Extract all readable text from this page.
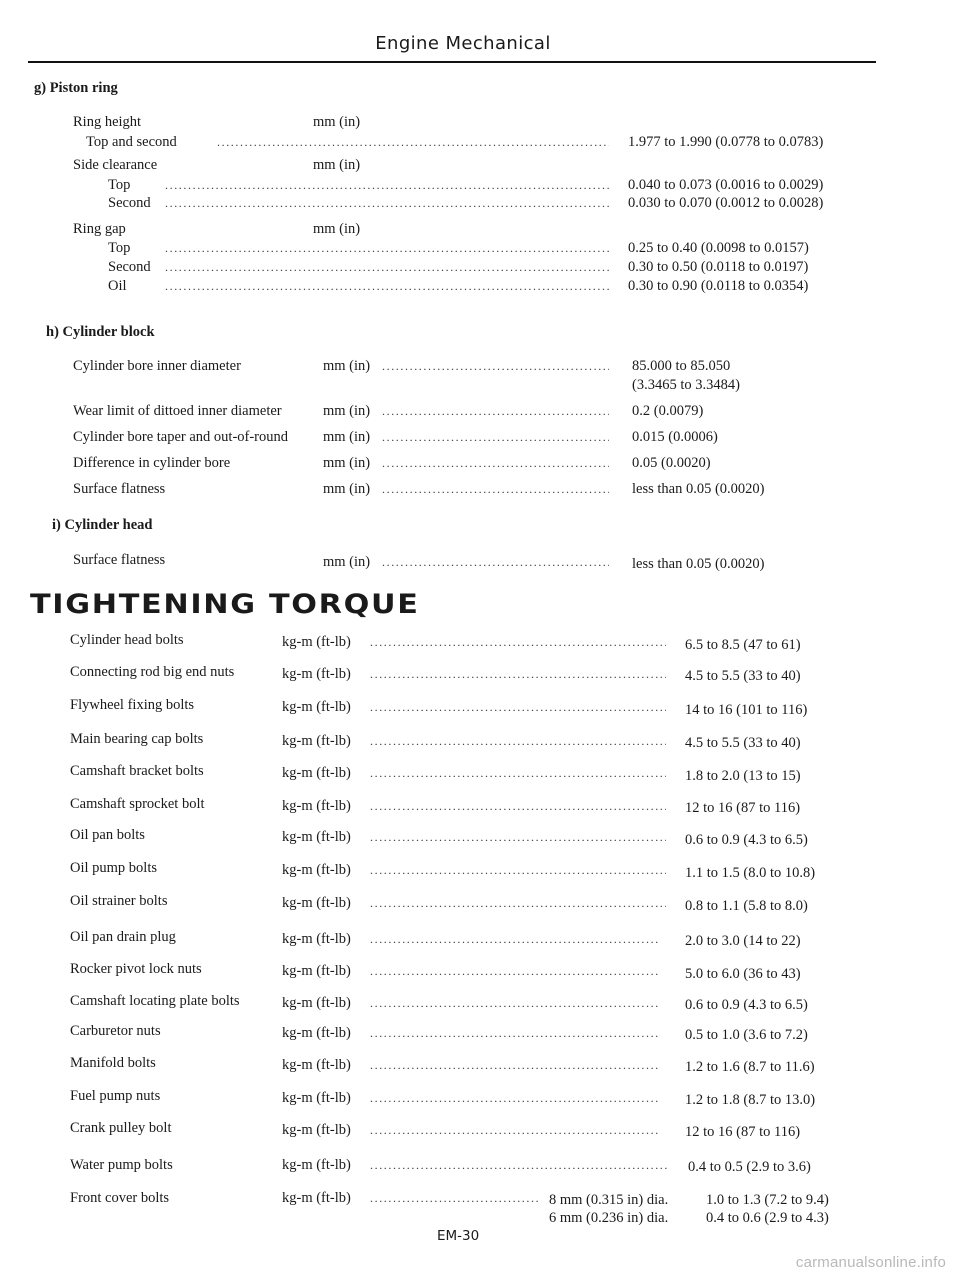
Engine Mechanical
g) Piston ring
Ring height	mm (in)
Top and second .....	1.977 to 1.990 (0.0778 to 0.0783)
Side clearance	mm (in)
Top .....	0.040 to 0.073 (0.0016 to 0.0029)
Second .....	0.030 to 0.070 (0.0012 to 0.0028)
Ring gap	mm (in)
Top .....	0.25 to 0.40 (0.0098 to 0.0157)
Second .....	0.30 to 0.50 (0.0118 to 0.0197)
Oil .....	0.30 to 0.90 (0.0118 to 0.0354)
h) Cylinder block
Cylinder bore inner diameter	mm (in) .....	85.000 to 85.050
(3.3465 to 3.3484)
Wear limit of dittoed inner diameter	mm (in) .....	0.2 (0.0079)
Cylinder bore taper and out-of-round mm (in) .....	0.015 (0.0006)
Difference in cylinder bore	mm (in) .....	0.05 (0.0020)
Surface flatness	mm (in) .....	less than 0.05 (0.0020)
i) Cylinder head
Surface flatness	mm (in) .....	less than 0.05 (0.0020)
TIGHTENING TORQUE
Cylinder head bolts	kg-m (ft-lb) .....	6.5 to 8.5 (47 to 61)
Connecting rod big end nuts	kg-m (ft-lb) .....	4.5 to 5.5 (33 to 40)
Flywheel fixing bolts	kg-m (ft-lb) .....	14 to 16 (101 to 116)
Main bearing cap bolts	kg-m (ft-lb) .....	4.5 to 5.5 (33 to 40)
Camshaft bracket bolts	kg-m (ft-lb) .....	1.8 to 2.0 (13 to 15)
Camshaft sprocket bolt	kg-m (ft-lb) .....	12 to 16 (87 to 116)
Oil pan bolts	kg-m (ft-lb) .....	0.6 to 0.9 (4.3 to 6.5)
Oil pump bolts	kg-m (ft-lb) .....	1.1 to 1.5 (8.0 to 10.8)
Oil strainer bolts	kg-m (ft-lb) .....	0.8 to 1.1 (5.8 to 8.0)
Oil pan drain plug	kg-m (ft-lb) .....	2.0 to 3.0 (14 to 22)
Rocker pivot lock nuts	kg-m (ft-lb) .....	5.0 to 6.0 (36 to 43)
Camshaft locating plate bolts	kg-m (ft-lb) .....	0.6 to 0.9 (4.3 to 6.5)
Carburetor nuts	kg-m (ft-lb) .....	0.5 to 1.0 (3.6 to 7.2)
Manifold bolts	kg-m (ft-lb) .....	1.2 to 1.6 (8.7 to 11.6)
Fuel pump nuts	kg-m (ft-lb) .....	1.2 to 1.8 (8.7 to 13.0)
Crank pulley bolt	kg-m (ft-lb) .....	12 to 16 (87 to 116)
Water pump bolts	kg-m (ft-lb) .....	0.4 to 0.5 (2.9 to 3.6)
Front cover bolts	kg-m (ft-lb) .....	8 mm (0.315 in) dia.	1.0 to 1.3 (7.2 to 9.4)
6 mm (0.236 in) dia.	0.4 to 0.6 (2.9 to 4.3)
EM-30
carmanualsonline.info
